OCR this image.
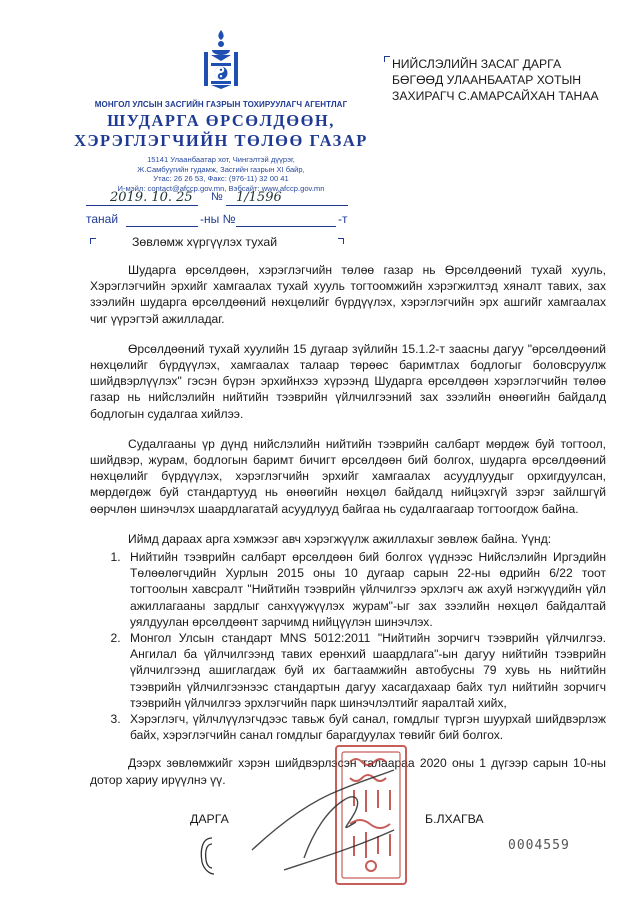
МОНГОЛ УЛСЫН ЗАСГИЙН ГАЗРЫН ТОХИРУУЛАГЧ АГЕНТЛАГ
ШУДАРГА ӨРСӨЛДӨӨН,
ХЭРЭГЛЭГЧИЙН ТӨЛӨӨ ГАЗАР
15141 Улаанбаатар хот, Чингэлтэй дүүрэг,
Ж.Самбуугийн гудамж, Засгийн газрын XI байр,
Утас: 26 26 53, Факс: (976-11) 32 00 41
И-мэйл: contact@afccp.gov.mn, Вэбсайт: www.afccp.gov.mn
2019. 10. 25 № 1/1596
танай	-ны №	-т
НИЙСЛЭЛИЙН ЗАСАГ ДАРГА
БӨГӨӨД УЛААНБААТАР ХОТЫН
ЗАХИРАГЧ С.АМАРСАЙХАН ТАНАА
Зөвлөмж хүргүүлэх тухай

Шударга өрсөлдөөн, хэрэглэгчийн төлөө газар нь Өрсөлдөөний тухай хууль, Хэрэглэгчийн эрхийг хамгаалах тухай хууль тогтоомжийн хэрэгжилтэд хяналт тавих, зах зээлийн шударга өрсөлдөөний нөхцөлийг бүрдүүлэх, хэрэглэгчийн эрх ашгийг хамгаалах чиг үүрэгтэй ажилладаг.

Өрсөлдөөний тухай хуулийн 15 дугаар зүйлийн 15.1.2-т заасны дагуу "өрсөлдөөний нөхцөлийг бүрдүүлэх, хамгаалах талаар төрөөс баримтлах бодлогыг боловсруулж шийдвэрлүүлэх" гэсэн бүрэн эрхийнхээ хүрээнд Шударга өрсөлдөөн хэрэглэгчийн төлөө газар нь нийслэлийн нийтийн тээврийн үйлчилгээний зах зээлийн өнөөгийн байдалд бодлогын судалгаа хийлээ.

Судалгааны үр дүнд нийслэлийн нийтийн тээврийн салбарт мөрдөж буй тогтоол, шийдвэр, журам, бодлогын баримт бичигт өрсөлдөөн бий болгох, шударга өрсөлдөөний нөхцөлийг бүрдүүлэх, хэрэглэгчийн эрхийг хамгаалах асуудлуудыг орхигдуулсан, мөрдөгдөж буй стандартууд нь өнөөгийн нөхцөл байдалд нийцэхгүй зэрэг зайлшгүй өөрчлөн шинэчлэх шаардлагатай асуудлууд байгаа нь судалгаагаар тогтоогдож байна.

Иймд дараах арга хэмжээг авч хэрэгжүүлж ажиллахыг зөвлөж байна. Үүнд:

1. Нийтийн тээврийн салбарт өрсөлдөөн бий болгох үүднээс Нийслэлийн Иргэдийн Төлөөлөгчдийн Хурлын 2015 оны 10 дугаар сарын 22-ны өдрийн 6/22 тоот тогтоолын хавсралт "Нийтийн тээврийн үйлчилгээ эрхлэгч аж ахуй нэгжүүдийн үйл ажиллагааны зардлыг санхүүжүүлэх журам"-ыг зах зээлийн нөхцөл байдалтай уялдуулан өрсөлдөөнт зарчимд нийцүүлэн шинэчлэх.
2. Монгол Улсын стандарт MNS 5012:2011 "Нийтийн зорчигч тээврийн үйлчилгээ. Ангилал ба үйлчилгээнд тавих ерөнхий шаардлага"-ын дагуу нийтийн тээврийн үйлчилгээнд ашиглагдаж буй их багтаамжийн автобусны 79 хувь нь нийтийн тээврийн үйлчилгээнээс стандартын дагуу хасагдахаар байх тул нийтийн зорчигч тээврийн үйлчилгээ эрхлэгчийн парк шинэчлэлтийг яаралтай хийх,
3. Хэрэглэгч, үйлчлүүлэгчдээс тавьж буй санал, гомдлыг түргэн шуурхай шийдвэрлэж байх, хэрэглэгчийн санал гомдлыг барагдуулах төвийг бий болгох.

Дээрх зөвлөмжийг хэрэн шийдвэрлэсэн талаараа 2020 оны 1 дүгээр сарын 10-ны дотор хариу ирүүлнэ үү.

ДАРГА	Б.ЛХАГВА
0004559
